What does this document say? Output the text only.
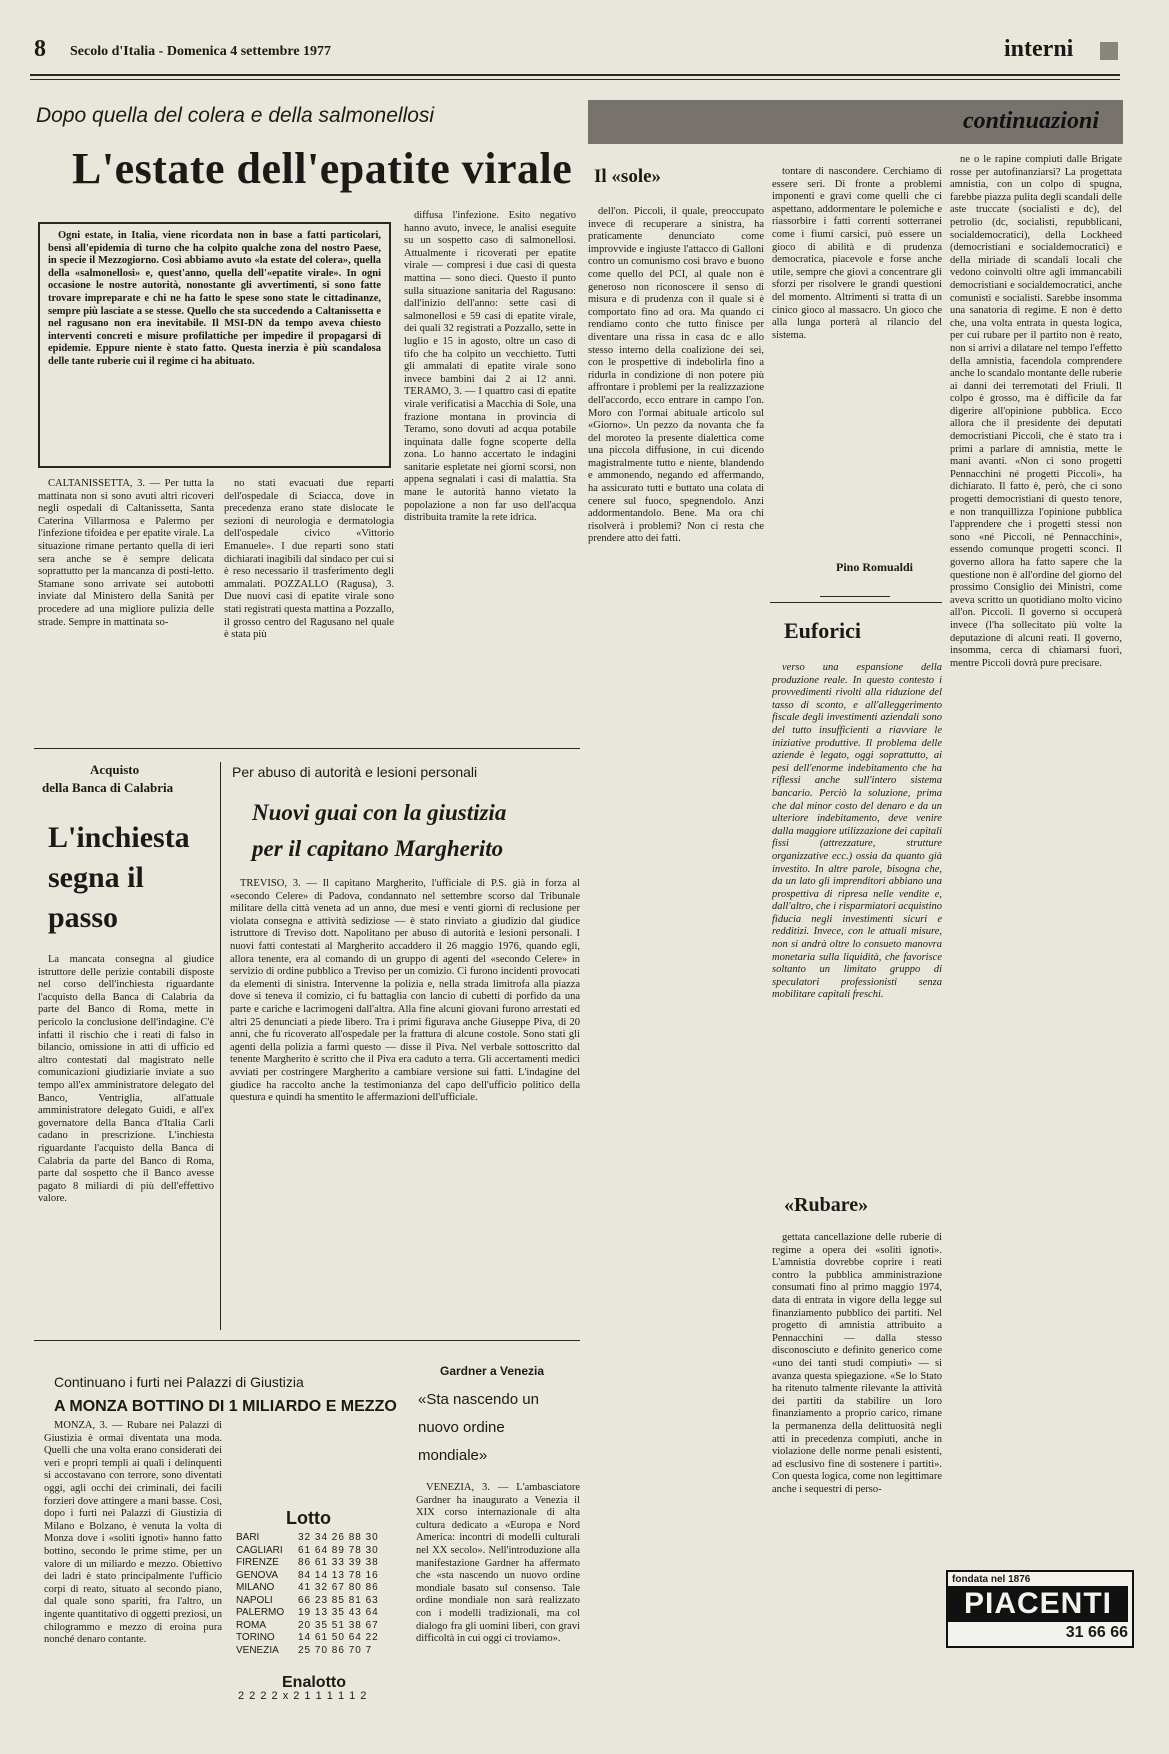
8 Secolo d'Italia - Domenica 4 settembre 1977	interni
Dopo quella del colera e della salmonellosi
L'estate dell'epatite virale

Ogni estate, in Italia, viene ricordata non in base a fatti particolari, bensì all'epidemia di turno che ha colpito qualche zona del nostro Paese, in specie il Mezzogiorno. Così abbiamo avuto «la estate del colera», quella della «salmonellosi» e, quest'anno, quella dell'«epatite virale». In ogni occasione le nostre autorità, nonostante gli avvertimenti, si sono fatte trovare impreparate e chi ne ha fatto le spese sono state le cittadinanze, sempre più lasciate a se stesse. Quello che sta succedendo a Caltanissetta e nel ragusano non era inevitabile. Il MSI-DN da tempo aveva chiesto interventi concreti e misure profilattiche per impedire il propagarsi di epidemie. Eppure niente è stato fatto. Questa inerzia è più scandalosa delle tante ruberie cui il regime ci ha abituato.

CALTANISSETTA, 3. — Per tutta la mattinata non si sono avuti altri ricoveri negli ospedali di Caltanissetta, Santa Caterina Villarmosa e Palermo per l'infezione tifoidea e per epatite virale. La situazione rimane pertanto quella di ieri sera anche se è sempre delicata soprattutto per la mancanza di posti-letto. Stamane sono arrivate sei autobotti inviate dal Ministero della Sanità per procedere ad una migliore pulizia delle strade. Sempre in mattinata so-

no stati evacuati due reparti dell'ospedale di Sciacca, dove in precedenza erano state dislocate le sezioni di neurologia e dermatologia dell'ospedale civico «Vittorio Emanuele». I due reparti sono stati dichiarati inagibili dal sindaco per cui si è reso necessario il trasferimento degli ammalati. POZZALLO (Ragusa), 3. Due nuovi casi di epatite virale sono stati registrati questa mattina a Pozzallo, il grosso centro del Ragusano nel quale è stata più

diffusa l'infezione. Esito negativo hanno avuto, invece, le analisi eseguite su un sospetto caso di salmonellosi. Attualmente i ricoverati per epatite virale — compresi i due casi di questa mattina — sono dieci. Questo il punto sulla situazione sanitaria del Ragusano: dall'inizio dell'anno: sette casi di salmonellosi e 59 casi di epatite virale, dei quali 32 registrati a Pozzallo, sette in luglio e 15 in agosto, oltre un caso di tifo che ha colpito un vecchietto. Tutti gli ammalati di epatite virale sono invece bambini dai 2 ai 12 anni. TERAMO, 3. — I quattro casi di epatite virale verificatisi a Macchia di Sole, una frazione montana in provincia di Teramo, sono dovuti ad acqua potabile inquinata dalle fogne scoperte della zona. Lo hanno accertato le indagini sanitarie espletate nei giorni scorsi, non appena segnalati i casi di malattia. Sta mane le autorità hanno vietato la popolazione a non far uso dell'acqua distribuita tramite la rete idrica.

Il «sole»

dell'on. Piccoli, il quale, preoccupato invece di recuperare a sinistra, ha praticamente denunciato come improvvide e ingiuste l'attacco di Galloni contro un comunismo così bravo e buono come quello del PCI, al quale non è generoso non riconoscere il senso di misura e di prudenza con il quale si è comportato fino ad ora. Ma quando ci rendiamo conto che tutto finisce per diventare una rissa in casa dc e allo stesso interno della coalizione dei sei, con le prospettive di indebolirla fino a ridurla in condizione di non potere più affrontare i problemi per la realizzazione dell'accordo, ecco entrare in campo l'on. Moro con l'ormai abituale articolo sul «Giorno». Un pezzo da novanta che fa del moroteo la presente dialettica come una piccola diffusione, in cui dicendo magistralmente tutto e niente, blandendo e ammonendo, negando ed affermando, ha assicurato tutti e buttato una colata di cenere sul fuoco, spegnendolo. Anzi addormentandolo. Bene. Ma ora chi risolverà i problemi? Non ci resta che prendere atto dei fatti.

tontare di nascondere. Cerchiamo di essere seri. Di fronte a problemi imponenti e gravi come quelli che ci aspettano, addormentare le polemiche e riassorbire i fatti correnti sotterranei come i fiumi carsici, può essere un gioco di abilità e di prudenza democratica, piacevole e forse anche utile, sempre che giovi a concentrare gli sforzi per risolvere le grandi questioni del momento. Altrimenti si tratta di un cinico gioco al massacro. Un gioco che alla lunga porterà al rilancio del sistema.

Pino Romualdi
continuazioni

ne o le rapine compiuti dalle Brigate rosse per autofinanziarsi? La progettata amnistia, con un colpo di spugna, farebbe piazza pulita degli scandali delle aste truccate (socialisti e dc), del petrolio (dc, socialisti, repubblicani, socialdemocratici), della Lockheed (democristiani e socialdemocratici) e della miriade di scandali locali che vedono coinvolti oltre agli immancabili democristiani e socialdemocratici, anche comunisti e socialisti. Sarebbe insomma una sanatoria di regime. E non è detto che, una volta entrata in questa logica, per cui rubare per il partito non è reato, non si arrivi a dilatare nel tempo l'effetto della amnistia, facendola comprendere anche lo scandalo montante delle ruberie ai danni dei terremotati del Friuli. Il colpo è grosso, ma è difficile da far digerire all'opinione pubblica. Ecco allora che il presidente dei deputati democristiani Piccoli, che è stato tra i primi a parlare di amnistia, mette le mani avanti. «Non ci sono progetti Pennacchini né progetti Piccoli», ha dichiarato. Il fatto è, però, che ci sono progetti democristiani di questo tenore, e non tranquillizza l'opinione pubblica l'apprendere che i progetti stessi non sono «né Piccoli, né Pennacchini», essendo comunque progetti sconci. Il governo allora ha fatto sapere che la questione non è all'ordine del giorno del prossimo Consiglio dei Ministri, come aveva scritto un quotidiano molto vicino all'on. Piccoli. Il governo si occuperà invece (l'ha sollecitato più volte la deputazione di alcuni reati. Il governo, insomma, cerca di chiamarsi fuori, mentre Piccoli dovrà pure precisare.

Euforici

verso una espansione della produzione reale. In questo contesto i provvedimenti rivolti alla riduzione del tasso di sconto, e all'alleggerimento fiscale degli investimenti aziendali sono del tutto insufficienti a riavviare le iniziative produttive. Il problema delle aziende è legato, oggi soprattutto, ai pesi dell'enorme indebitamento che ha riflessi anche sull'intero sistema bancario. Perciò la soluzione, prima che dal minor costo del denaro e da un ulteriore indebitamento, deve venire dalla maggiore utilizzazione dei capitali fissi (attrezzature, strutture organizzative ecc.) ossia da quanto già investito. In altre parole, bisogna che, da un lato gli imprenditori abbiano una prospettiva di ripresa nelle vendite e, dall'altro, che i risparmiatori acquistino fiducia negli investimenti sicuri e redditizi. Invece, con le attuali misure, non si andrà oltre lo consueto manovra monetaria sulla liquidità, che favorisce soltanto un limitato gruppo di speculatori professionisti senza mobilitare capitali freschi.

«Rubare»

gettata cancellazione delle ruberie di regime a opera dei «soliti ignoti». L'amnistia dovrebbe coprire i reati contro la pubblica amministrazione consumati fino al primo maggio 1974, data di entrata in vigore della legge sul finanziamento pubblico dei partiti. Nel progetto di amnistia attribuito a Pennacchini — dalla stesso disconosciuto e definito generico come «uno dei tanti studi compiuti» — si avanza questa spiegazione. «Se lo Stato ha ritenuto talmente rilevante la attività dei partiti da stabilire un loro finanziamento a proprio carico, rimane la permanenza della delittuosità negli atti in precedenza compiuti, anche in violazione delle norme penali esistenti, ad esclusivo fine di sostenere i partiti». Con questa logica, come non legittimare anche i sequestri di perso-

fondata nel 1876
PIACENTI
31 66 66
Acquisto
della Banca di Calabria
L'inchiesta segna il passo

La mancata consegna al giudice istruttore delle perizie contabili disposte nel corso dell'inchiesta riguardante l'acquisto della Banca di Calabria da parte del Banco di Roma, mette in pericolo la conclusione dell'indagine. C'è infatti il rischio che i reati di falso in bilancio, omissione in atti di ufficio ed altro contestati dal magistrato nelle comunicazioni giudiziarie inviate a suo tempo all'ex amministratore delegato del Banco, Ventriglia, all'attuale amministratore delegato Guidi, e all'ex governatore della Banca d'Italia Carli cadano in prescrizione. L'inchiesta riguardante l'acquisto della Banca di Calabria da parte del Banco di Roma, parte dal sospetto che il Banco avesse pagato 8 miliardi di più dell'effettivo valore.

Per abuso di autorità e lesioni personali
Nuovi guai con la giustizia
per il capitano Margherito

TREVISO, 3. — Il capitano Margherito, l'ufficiale di P.S. già in forza al «secondo Celere» di Padova, condannato nel settembre scorso dal Tribunale militare della città veneta ad un anno, due mesi e venti giorni di reclusione per violata consegna e attività sediziose — è stato rinviato a giudizio dal giudice istruttore di Treviso dott. Napolitano per abuso di autorità e lesioni personali. I nuovi fatti contestati al Margherito accaddero il 26 maggio 1976, quando egli, allora tenente, era al comando di un gruppo di agenti del «secondo Celere» in servizio di ordine pubblico a Treviso per un comizio. Ci furono incidenti provocati da elementi di sinistra. Intervenne la polizia e, nella strada limitrofa alla piazza dove si teneva il comizio, ci fu battaglia con lancio di cubetti di porfido da una parte e cariche e lacrimogeni dall'altra. Alla fine alcuni giovani furono arrestati ed altri 25 denunciati a piede libero. Tra i primi figurava anche Giuseppe Piva, di 20 anni, che fu ricoverato all'ospedale per la frattura di alcune costole. Sono stati gli agenti della polizia a farmi questo — disse il Piva. Nel verbale sottoscritto dal tenente Margherito è scritto che il Piva era caduto a terra. Gli accertamenti medici avviati per costringere Margherito a cambiare versione sui fatti. L'indagine del giudice ha raccolto anche la testimonianza del capo dell'ufficio politico della questura e quindi ha smentito le affermazioni dell'ufficiale.

Continuano i furti nei Palazzi di Giustizia
A MONZA BOTTINO DI 1 MILIARDO E MEZZO

MONZA, 3. — Rubare nei Palazzi di Giustizia è ormai diventata una moda. Quelli che una volta erano considerati dei veri e propri templi ai quali i delinquenti si accostavano con terrore, sono diventati oggi, agli occhi dei criminali, dei facili forzieri dove attingere a mani basse. Così, dopo i furti nei Palazzi di Giustizia di Milano e Bolzano, è venuta la volta di Monza dove i «soliti ignoti» hanno fatto bottino, secondo le prime stime, per un valore di un miliardo e mezzo. Obiettivo dei ladri è stato principalmente l'ufficio corpi di reato, situato al secondo piano, dal quale sono spariti, fra l'altro, un ingente quantitativo di oggetti preziosi, un chilogrammo e mezzo di eroina pura nonché denaro contante.

Lotto
BARI	32 34 26 88 30
CAGLIARI	61 64 89 78 30
FIRENZE	86 61 33 39 38
GENOVA	84 14 13 78 16
MILANO	41 32 67 80 86
NAPOLI	66 23 85 81 63
PALERMO	19 13 35 43 64
ROMA	20 35 51 38 67
TORINO	14 61 50 64 22
VENEZIA	25 70 86 70 7
Enalotto
2 2 2 2 x 2 1 1 1 1 1 2
Gardner a Venezia
«Sta nascendo un nuovo ordine mondiale»

VENEZIA, 3. — L'ambasciatore Gardner ha inaugurato a Venezia il XIX corso internazionale di alta cultura dedicato a «Europa e Nord America: incontri di modelli culturali nel XX secolo». Nell'introduzione alla manifestazione Gardner ha affermato che «sta nascendo un nuovo ordine mondiale basato sul consenso. Tale ordine mondiale non sarà realizzato con i modelli tradizionali, ma col dialogo fra gli uomini liberi, con gravi difficoltà in cui oggi ci troviamo».
